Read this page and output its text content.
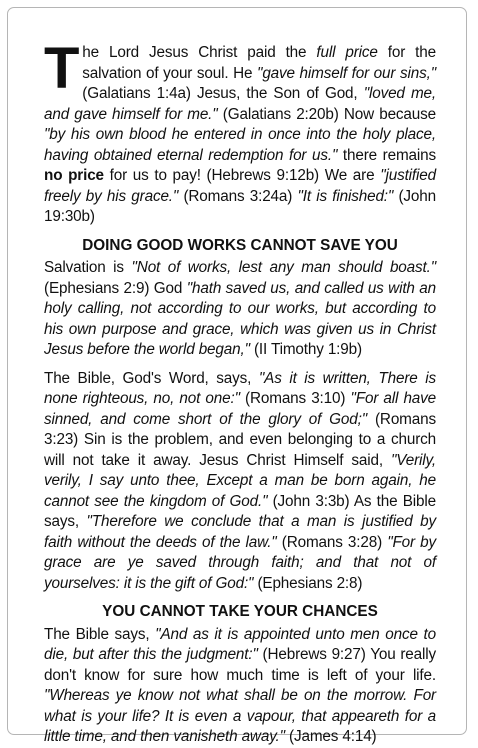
The Lord Jesus Christ paid the full price for the salvation of your soul. He "gave himself for our sins," (Galatians 1:4a) Jesus, the Son of God, "loved me, and gave himself for me." (Galatians 2:20b) Now because "by his own blood he entered in once into the holy place, having obtained eternal redemption for us." there remains no price for us to pay! (Hebrews 9:12b) We are "justified freely by his grace." (Romans 3:24a) "It is finished:" (John 19:30b)

DOING GOOD WORKS CANNOT SAVE YOU

Salvation is "Not of works, lest any man should boast." (Ephesians 2:9) God "hath saved us, and called us with an holy calling, not according to our works, but according to his own purpose and grace, which was given us in Christ Jesus before the world began," (II Timothy 1:9b)

The Bible, God's Word, says, "As it is written, There is none righteous, no, not one:" (Romans 3:10) "For all have sinned, and come short of the glory of God;" (Romans 3:23) Sin is the problem, and even belonging to a church will not take it away. Jesus Christ Himself said, "Verily, verily, I say unto thee, Except a man be born again, he cannot see the kingdom of God." (John 3:3b) As the Bible says, "Therefore we conclude that a man is justified by faith without the deeds of the law." (Romans 3:28) "For by grace are ye saved through faith; and that not of yourselves: it is the gift of God:" (Ephesians 2:8)

YOU CANNOT TAKE YOUR CHANCES

The Bible says, "And as it is appointed unto men once to die, but after this the judgment:" (Hebrews 9:27) You really don't know for sure how much time is left of your life. "Whereas ye know not what shall be on the morrow. For what is your life? It is even a vapour, that appeareth for a little time, and then vanisheth away." (James 4:14)
